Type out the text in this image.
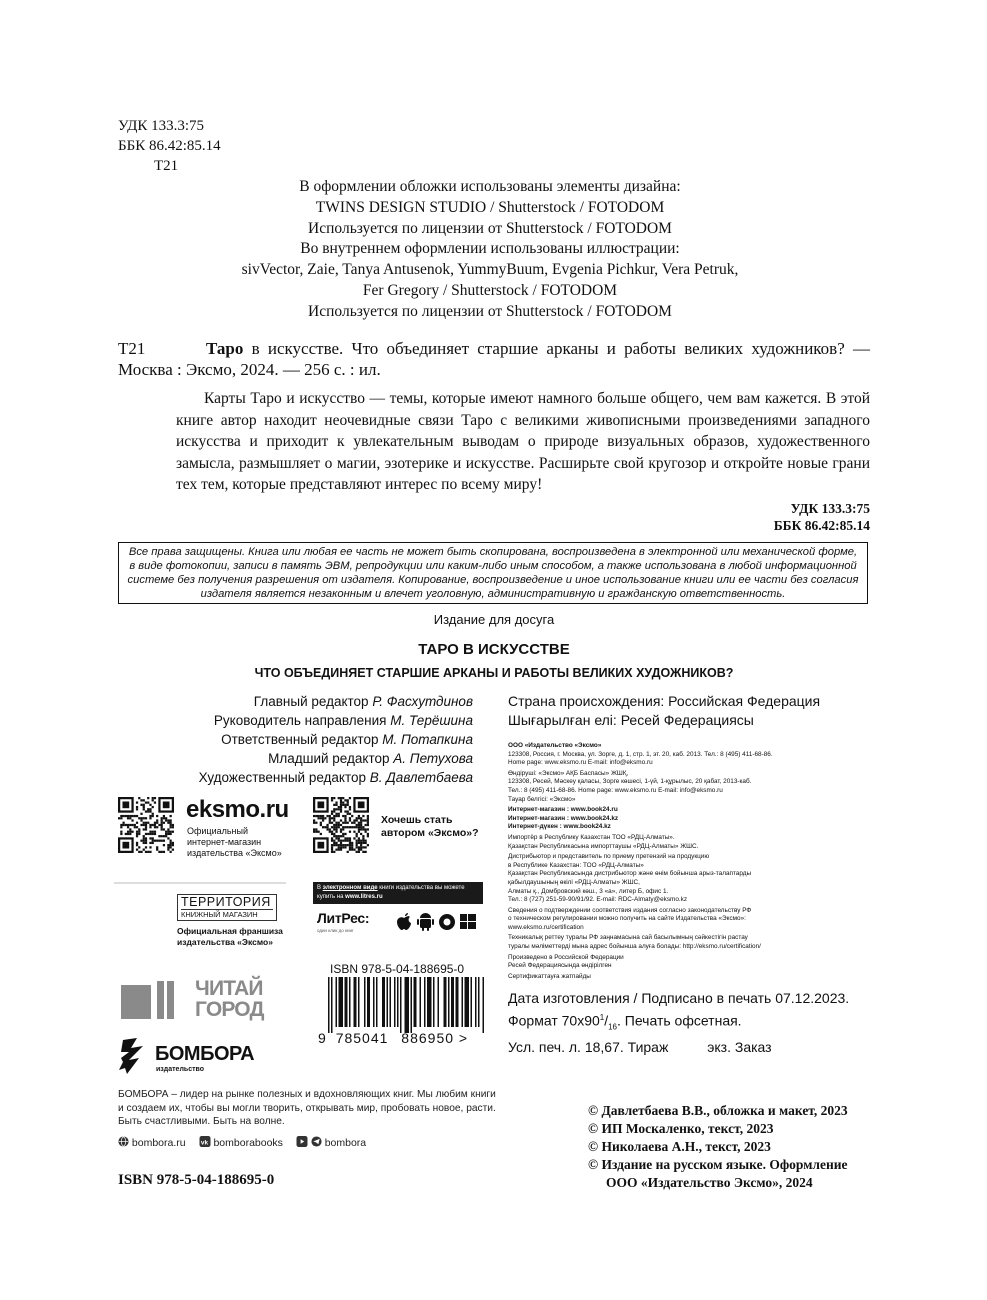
УДК 133.3:75
ББК 86.42:85.14
Т21
В оформлении обложки использованы элементы дизайна:
TWINS DESIGN STUDIO / Shutterstock / FOTODOM
Используется по лицензии от Shutterstock / FOTODOM
Во внутреннем оформлении использованы иллюстрации:
sivVector, Zaie, Tanya Antusenok, YummyBuum, Evgenia Pichkur, Vera Petruk,
Fer Gregory / Shutterstock / FOTODOM
Используется по лицензии от Shutterstock / FOTODOM
Т21	Таро в искусстве. Что объединяет старшие арканы и работы великих художников? — Москва : Эксмо, 2024. — 256 с. : ил.
Карты Таро и искусство — темы, которые имеют намного больше общего, чем вам кажется. В этой книге автор находит неочевидные связи Таро с великими живописными произведениями западного искусства и приходит к увлекательным выводам о природе визуальных образов, художественного замысла, размышляет о магии, эзотерике и искусстве. Расширьте свой кругозор и откройте новые грани тех тем, которые представляют интерес по всему миру!
УДК 133.3:75
ББК 86.42:85.14
Все права защищены. Книга или любая ее часть не может быть скопирована, воспроизведена в электронной или механической форме, в виде фотокопии, записи в память ЭВМ, репродукции или каким-либо иным способом, а также использована в любой информационной системе без получения разрешения от издателя. Копирование, воспроизведение и иное использование книги или ее части без согласия издателя является незаконным и влечет уголовную, административную и гражданскую ответственность.
Издание для досуга
ТАРО В ИСКУССТВЕ
ЧТО ОБЪЕДИНЯЕТ СТАРШИЕ АРКАНЫ И РАБОТЫ ВЕЛИКИХ ХУДОЖНИКОВ?
Главный редактор Р. Фасхутдинов
Руководитель направления М. Терёшина
Ответственный редактор М. Потапкина
Младший редактор А. Петухова
Художественный редактор В. Давлетбаева
Страна происхождения: Российская Федерация
Шығарылған елі: Ресей Федерациясы
ООО «Издательство «Эксмо»
123308, Россия, г. Москва, ул. Зорге, д. 1, стр. 1, эт. 20, каб. 2013. Тел.: 8 (495) 411-68-86.
Home page: www.eksmo.ru E-mail: info@eksmo.ru
Өндіруші: «Эксмо» АҚБ Баспасы» ЖШҚ,
123308, Ресей, Мәскеу қаласы, Зорге көшесі, 1-үй, 1-құрылыс, 20 қабат, 2013-каб.
Тел.: 8 (495) 411-68-86. Home page: www.eksmo.ru E-mail: info@eksmo.ru
Тауар белгісі: «Эксмо»
Интернет-магазин : www.book24.ru
Интернет-магазин : www.book24.kz
Интернет-дүкен : www.book24.kz
Импортёр в Республику Казахстан ТОО «РДЦ-Алматы».
Қазақстан Республикасына импорттаушы «РДЦ-Алматы» ЖШС.
Дистрибьютор и представитель по приему претензий на продукцию
в Республике Казахстан: ТОО «РДЦ-Алматы»
Қазақстан Республикасында дистрибьютор және өнім бойынша арыз-талаптарды
қабылдаушының өкілі «РДЦ-Алматы» ЖШС,
Алматы қ., Домбровский көш., 3 «а», литер Б, офис 1.
Тел.: 8 (727) 251-59-90/91/92. E-mail: RDC-Almaty@eksmo.kz
Сведения о подтверждении соответствия издания согласно законодательству РФ
о техническом регулировании можно получить на сайте Издательства «Эксмо»:
www.eksmo.ru/certification
Техникалық реттеу туралы РФ заңнамасына сай басылымның сәйкестігін растау
туралы мәліметтерді мына адрес бойынша алуға болады: http://eksmo.ru/certification/
Произведено в Российской Федерации
Ресей Федерациясында өндірілген
Сертификаттауға жатпайды
Дата изготовления / Подписано в печать 07.12.2023.
Формат $70х90^1/_{16}$. Печать офсетная.
Усл. печ. л. 18,67. Тираж          экз. Заказ
© Давлетбаева В.В., обложка и макет, 2023
© ИП Москаленко, текст, 2023
© Николаева А.Н., текст, 2023
© Издание на русском языке. Оформление
ООО «Издательство Эксмо», 2024
ISBN 978-5-04-188695-0
eksmo.ru
Официальный
интернет-магазин
издательства «Эксмо»
Хочешь стать
автором «Эксмо»?
ТЕРРИТОРИЯ
КНИЖНЫЙ МАГАЗИН
Официальная франшиза
издательства «Эксмо»
В электронном виде книги издательства вы можете
купить на www.litres.ru
ЛитРес:
один клик до книг
ISBN 978-5-04-188695-0
9 785041 886950 >
ЧИТАЙ
ГОРОД
БОМБОРА
издательство
БОМБОРА – лидер на рынке полезных и вдохновляющих книг. Мы любим книги и создаем их, чтобы вы могли творить, открывать мир, пробовать новое, расти. Быть счастливыми. Быть на волне.
bombora.ru vk bomborabooks	bombora
